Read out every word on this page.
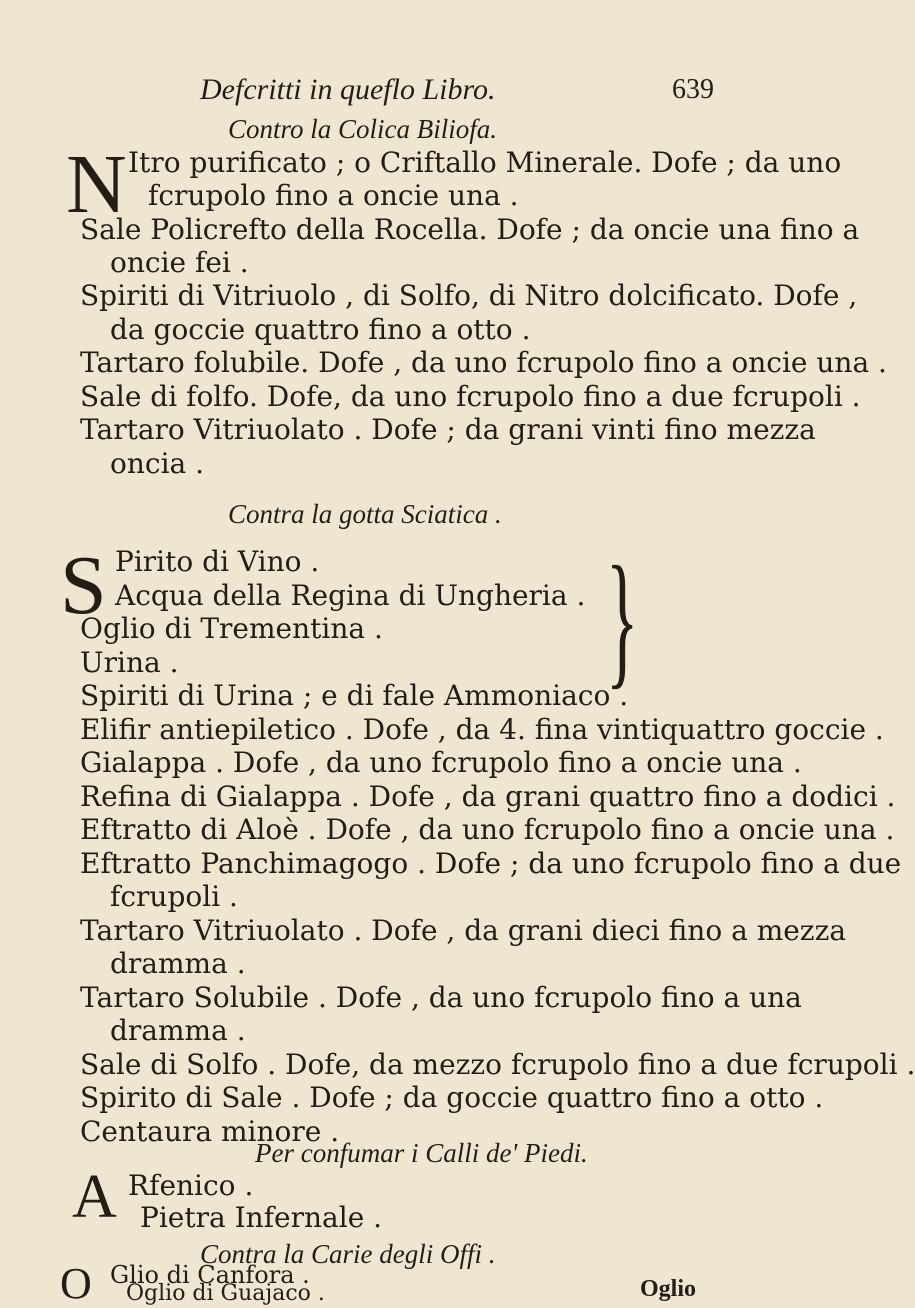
Defcritti in queflo Libro.	639
Contro la Colica Biliofa.
N Itro purificato ; o Criftallo Minerale. Dofe ; da uno
fcrupolo fino a oncie una .
Sale Policrefto della Rocella. Dofe ; da oncie una fino a
oncie fei .
Spiriti di Vitriuolo , di Solfo, di Nitro dolcificato. Dofe ,
da goccie quattro fino a otto .
Tartaro folubile. Dofe , da uno fcrupolo fino a oncie una .
Sale di folfo. Dofe, da uno fcrupolo fino a due fcrupoli .
Tartaro Vitriuolato . Dofe ; da grani vinti fino mezza
oncia .
Contra la gotta Sciatica .
S Pirito di Vino .
Acqua della Regina di Ungheria .
Oglio di Trementina .
Urina .
Spiriti di Urina ; e di fale Ammoniaco .
}
Elifir antiepiletico . Dofe , da 4. fina vintiquattro goccie .
Gialappa . Dofe , da uno fcrupolo fino a oncie una .
Refina di Gialappa . Dofe , da grani quattro fino a dodici .
Eftratto di Aloè . Dofe , da uno fcrupolo fino a oncie una .
Eftratto Panchimagogo . Dofe ; da uno fcrupolo fino a due
fcrupoli .
Tartaro Vitriuolato . Dofe , da grani dieci fino a mezza
dramma .
Tartaro Solubile . Dofe , da uno fcrupolo fino a una
dramma .
Sale di Solfo . Dofe, da mezzo fcrupolo fino a due fcrupoli .
Spirito di Sale . Dofe ; da goccie quattro fino a otto .
Centaura minore .
Per confumar i Calli de' Piedi.
A Rfenico .
Pietra Infernale .
Contra la Carie degli Offi .
O Glio di Canfora .
Oglio di Guajaco .	Oglio
